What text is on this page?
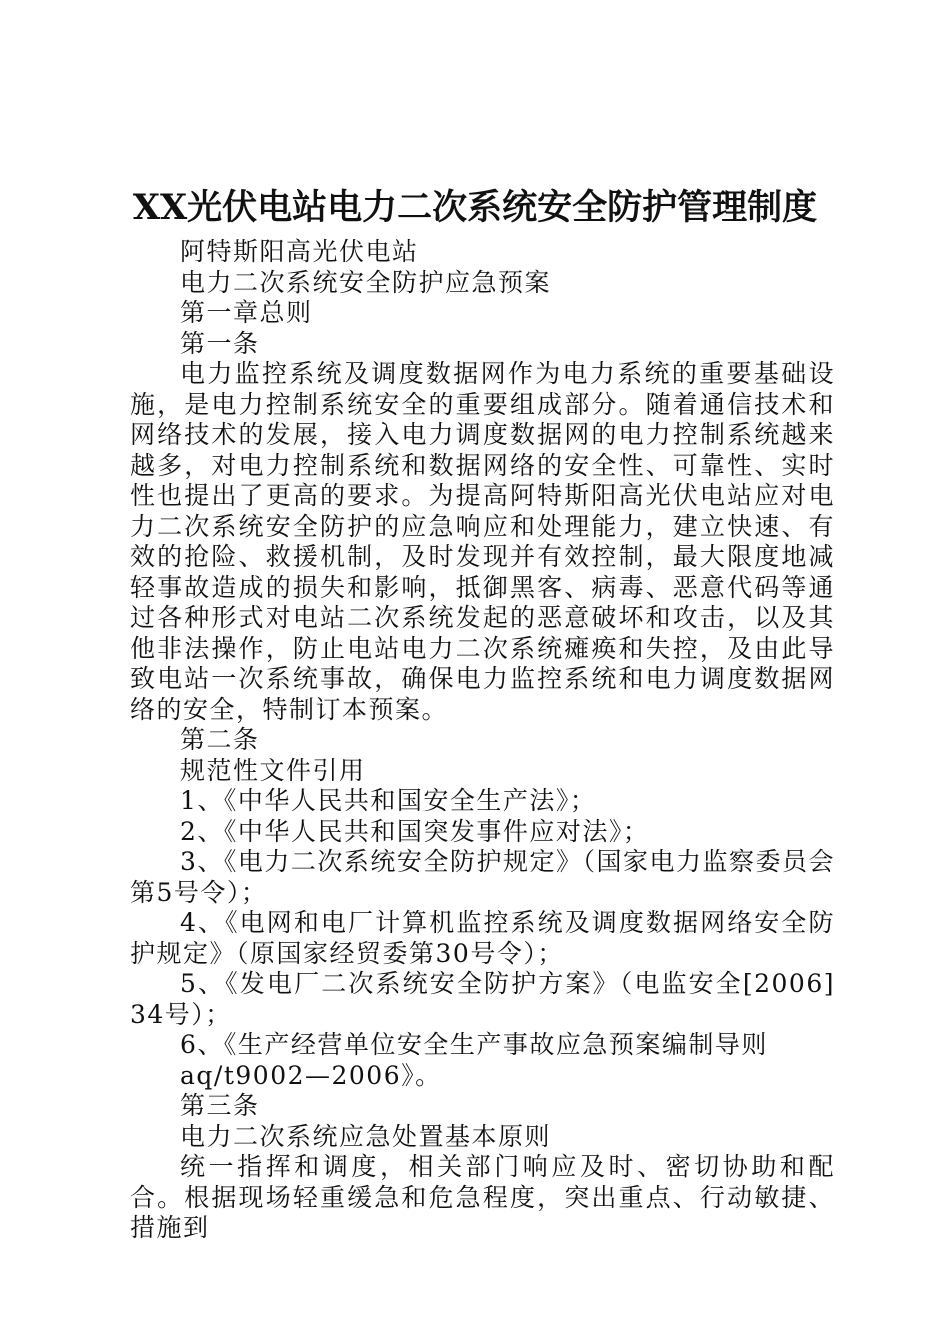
XX光伏电站电力二次系统安全防护管理制度

阿特斯阳高光伏电站

电力二次系统安全防护应急预案

第一章总则

第一条

电力监控系统及调度数据网作为电力系统的重要基础设施，是电力控制系统安全的重要组成部分。随着通信技术和网络技术的发展，接入电力调度数据网的电力控制系统越来越多，对电力控制系统和数据网络的安全性、可靠性、实时性也提出了更高的要求。为提高阿特斯阳高光伏电站应对电力二次系统安全防护的应急响应和处理能力，建立快速、有效的抢险、救援机制，及时发现并有效控制，最大限度地减轻事故造成的损失和影响，抵御黑客、病毒、恶意代码等通过各种形式对电站二次系统发起的恶意破坏和攻击，以及其他非法操作，防止电站电力二次系统瘫痪和失控，及由此导致电站一次系统事故，确保电力监控系统和电力调度数据网络的安全，特制订本预案。

第二条

规范性文件引用

1、《中华人民共和国安全生产法》；

2、《中华人民共和国突发事件应对法》；

3、《电力二次系统安全防护规定》（国家电力监察委员会第5号令）；

4、《电网和电厂计算机监控系统及调度数据网络安全防护规定》（原国家经贸委第30号令）；

5、《发电厂二次系统安全防护方案》（电监安全[2006]34号）；

6、《生产经营单位安全生产事故应急预案编制导则

aq/t9002—2006》。

第三条

电力二次系统应急处置基本原则

统一指挥和调度，相关部门响应及时、密切协助和配合。根据现场轻重缓急和危急程度，突出重点、行动敏捷、措施到
